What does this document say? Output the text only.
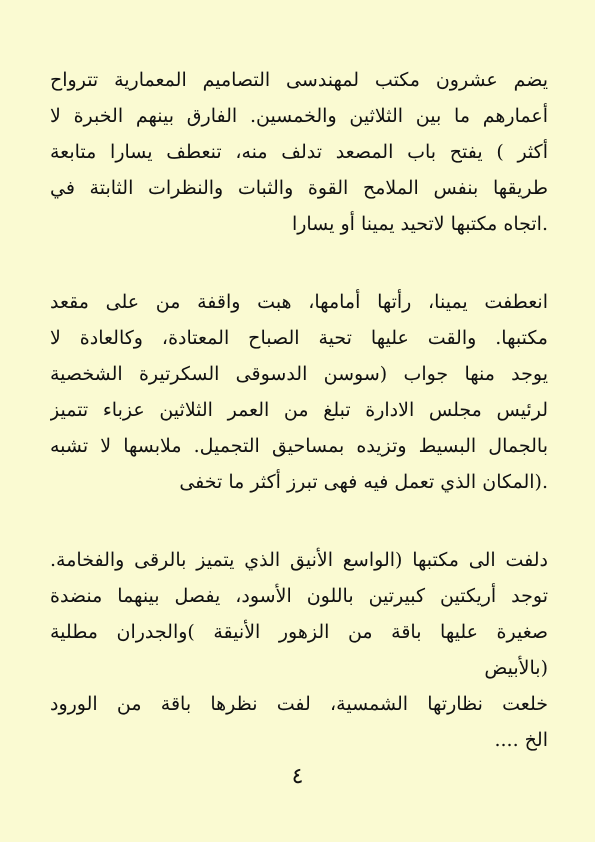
يضم عشرون مكتب لمهندسى التصاميم المعمارية تترواح
أعمارهم ما بين الثلاثين والخمسين. الفارق بينهم الخبرة لا
أكثر ) يفتح باب المصعد تدلف منه، تنعطف يسارا متابعة
طريقها بنفس الملامح القوة والثبات والنظرات الثابتة في
.اتجاه مكتبها لاتحيد يمينا أو يسارا
انعطفت يمينا، رأتها أمامها، هبت واقفة من على مقعد
مكتبها. والقت عليها تحية الصباح المعتادة، وكالعادة لا
يوجد منها جواب (سوسن الدسوقى السكرتيرة الشخصية
لرئيس مجلس الادارة تبلغ من العمر الثلاثين عزباء تتميز
بالجمال البسيط وتزيده بمساحيق التجميل. ملابسها لا تشبه
.(المكان الذي تعمل فيه فهى تبرز أكثر ما تخفى
دلفت الى مكتبها (الواسع الأنيق الذي يتميز بالرقى والفخامة.
توجد أريكتين كبيرتين باللون الأسود، يفصل بينهما منضدة
صغيرة عليها باقة من الزهور الأنيقة )والجدران مطلية
(بالأبيض
خلعت نظارتها الشمسية، لفت نظرها باقة من الورود
الخ ....
٤
